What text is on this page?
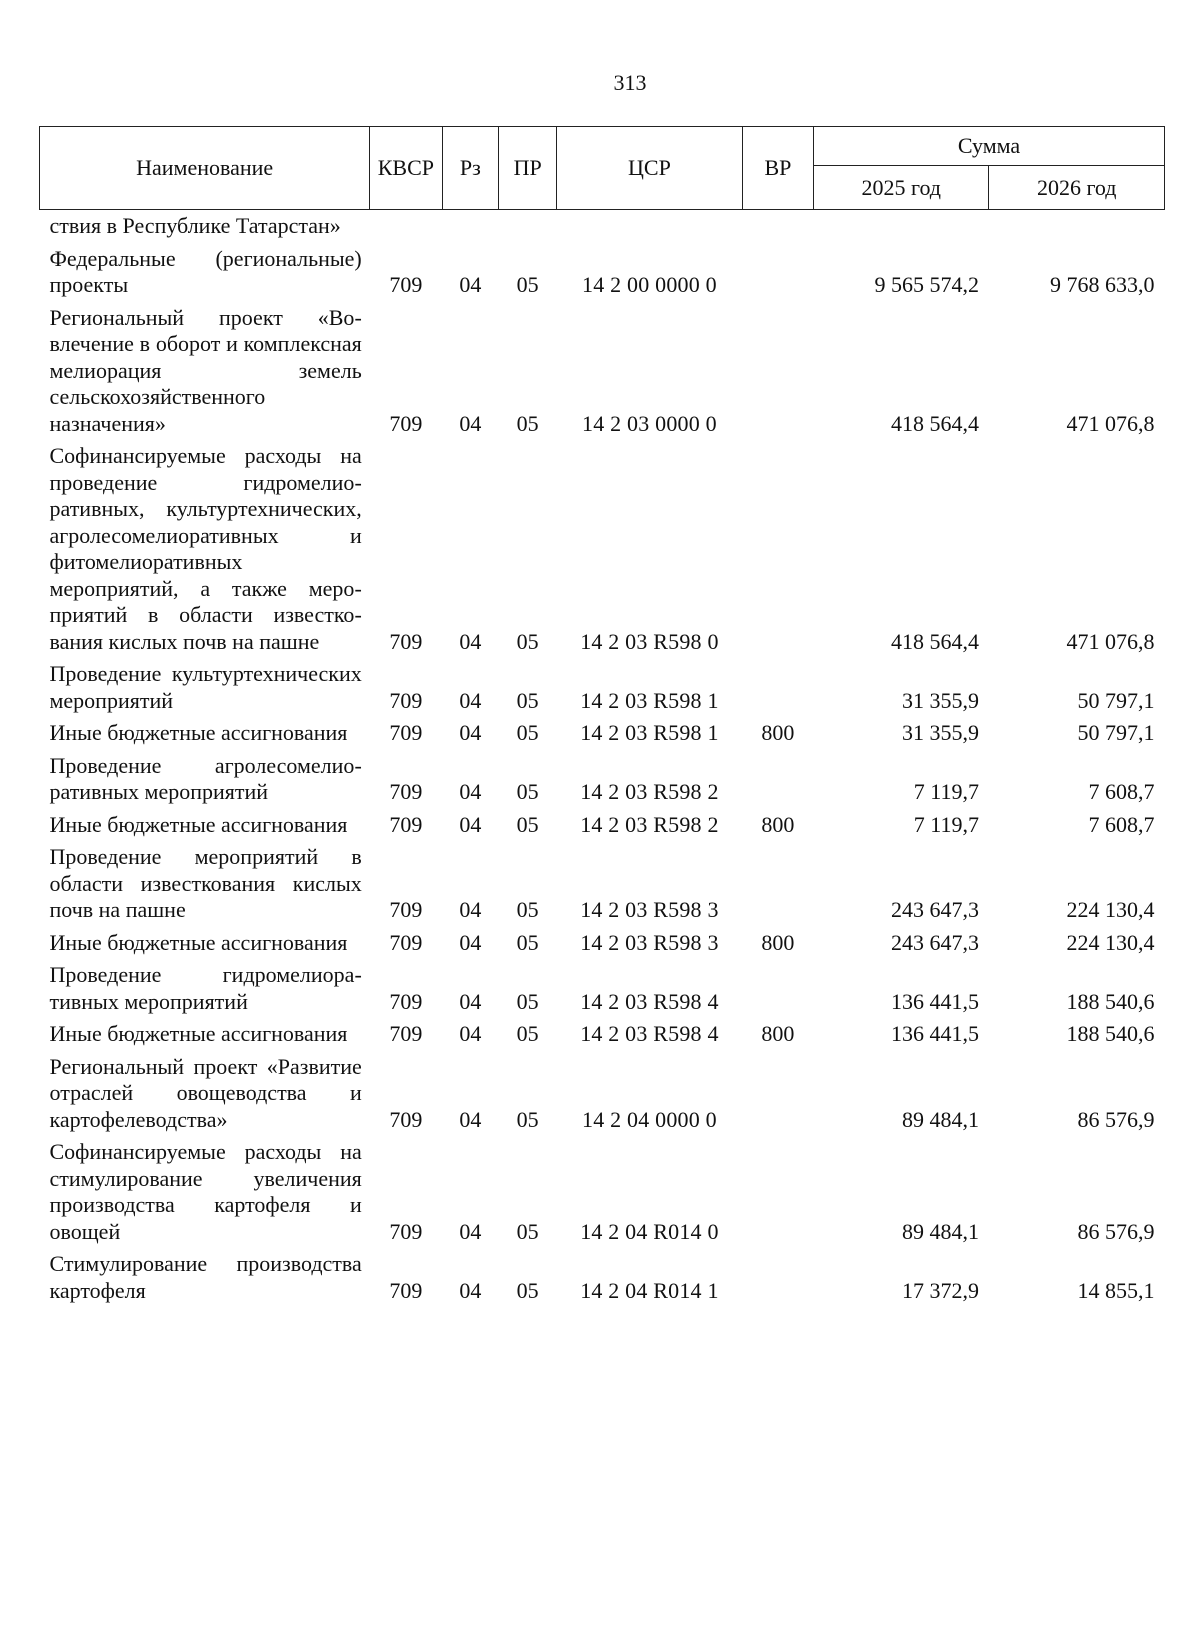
313
Наименование	КВСР	Рз	ПР	ЦСР	ВР	Сумма	
						2025 год	2026 год
ствия в Республике Татарстан»							
Федеральные (региональные) проекты	709	04	05	14 2 00 0000 0		9 565 574,2	9 768 633,0
Региональный проект «Вовлечение в оборот и комплексная мелиорация земель сельскохозяйственного назначения»	709	04	05	14 2 03 0000 0		418 564,4	471 076,8
Софинансируемые расходы на проведение гидромелиоративных, культуртехнических, агролесомелиоративных и фитомелиоративных мероприятий, а также мероприятий в области известкования кислых почв на пашне	709	04	05	14 2 03 R598 0		418 564,4	471 076,8
Проведение культуртехнических мероприятий	709	04	05	14 2 03 R598 1		31 355,9	50 797,1
Иные бюджетные ассигнования	709	04	05	14 2 03 R598 1	800	31 355,9	50 797,1
Проведение агролесомелиоративных мероприятий	709	04	05	14 2 03 R598 2		7 119,7	7 608,7
Иные бюджетные ассигнования	709	04	05	14 2 03 R598 2	800	7 119,7	7 608,7
Проведение мероприятий в области известкования кислых почв на пашне	709	04	05	14 2 03 R598 3		243 647,3	224 130,4
Иные бюджетные ассигнования	709	04	05	14 2 03 R598 3	800	243 647,3	224 130,4
Проведение гидромелиоративных мероприятий	709	04	05	14 2 03 R598 4		136 441,5	188 540,6
Иные бюджетные ассигнования	709	04	05	14 2 03 R598 4	800	136 441,5	188 540,6
Региональный проект «Развитие отраслей овощеводства и картофелеводства»	709	04	05	14 2 04 0000 0		89 484,1	86 576,9
Софинансируемые расходы на стимулирование увеличения производства картофеля и овощей	709	04	05	14 2 04 R014 0		89 484,1	86 576,9
Стимулирование производства картофеля	709	04	05	14 2 04 R014 1		17 372,9	14 855,1
